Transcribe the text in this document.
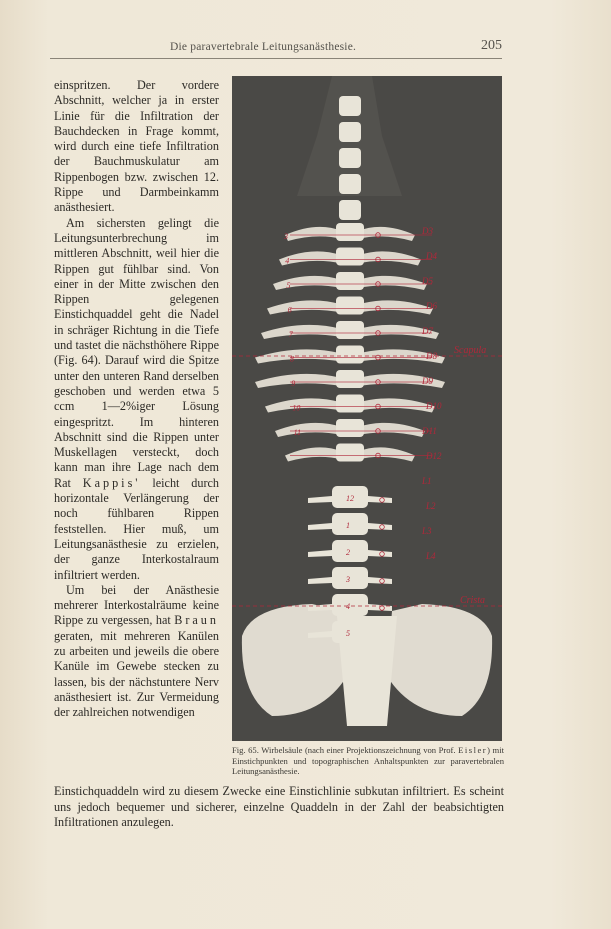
Die paravertebrale Leitungsanästhesie.	205

einspritzen. Der vordere Abschnitt, welcher ja in erster Linie für die Infiltration der Bauchdecken in Frage kommt, wird durch eine tiefe Infiltration der Bauchmuskulatur am Rippenbogen bzw. zwischen 12. Rippe und Darmbeinkamm anästhesiert.

Am sichersten gelingt die Leitungsunterbrechung im mittleren Abschnitt, weil hier die Rippen gut fühlbar sind. Von einer in der Mitte zwischen den Rippen gelegenen Einstichquaddel geht die Nadel in schräger Richtung in die Tiefe und tastet die nächsthöhere Rippe (Fig. 64). Darauf wird die Spitze unter den unteren Rand derselben geschoben und werden etwa 5 ccm 1—2%iger Lösung eingespritzt. Im hinteren Abschnitt sind die Rippen unter Muskellagen versteckt, doch kann man ihre Lage nach dem Rat Kappis' leicht durch horizontale Verlängerung der noch fühlbaren Rippen feststellen. Hier muß, um Leitungsanästhesie zu erzielen, der ganze Interkostalraum infiltriert werden.

Um bei der Anästhesie mehrerer Interkostalräume keine Rippe zu vergessen, hat Braun geraten, mit mehreren Kanülen zu arbeiten und jeweils die obere Kanüle im Gewebe stecken zu lassen, bis der nächstuntere Nerv anästhesiert ist. Zur Vermeidung der zahlreichen notwendigen

3
4
5
6
7
8
9
10
11
12
1
2
3
4
5
D3
D4
D5
D6
D7
D8
D9
D10
D11
D12
L1
L2
L3
L4
Scapula
Crista
Fig. 65. Wirbelsäule (nach einer Projektionszeichnung von Prof. Eisler) mit Einstichpunkten und topographischen Anhaltspunkten zur paravertebralen Leitungsanästhesie.

Einstichquaddeln wird zu diesem Zwecke eine Einstichlinie subkutan infiltriert. Es scheint uns jedoch bequemer und sicherer, einzelne Quaddeln in der Zahl der beabsichtigten Infiltrationen anzulegen.
